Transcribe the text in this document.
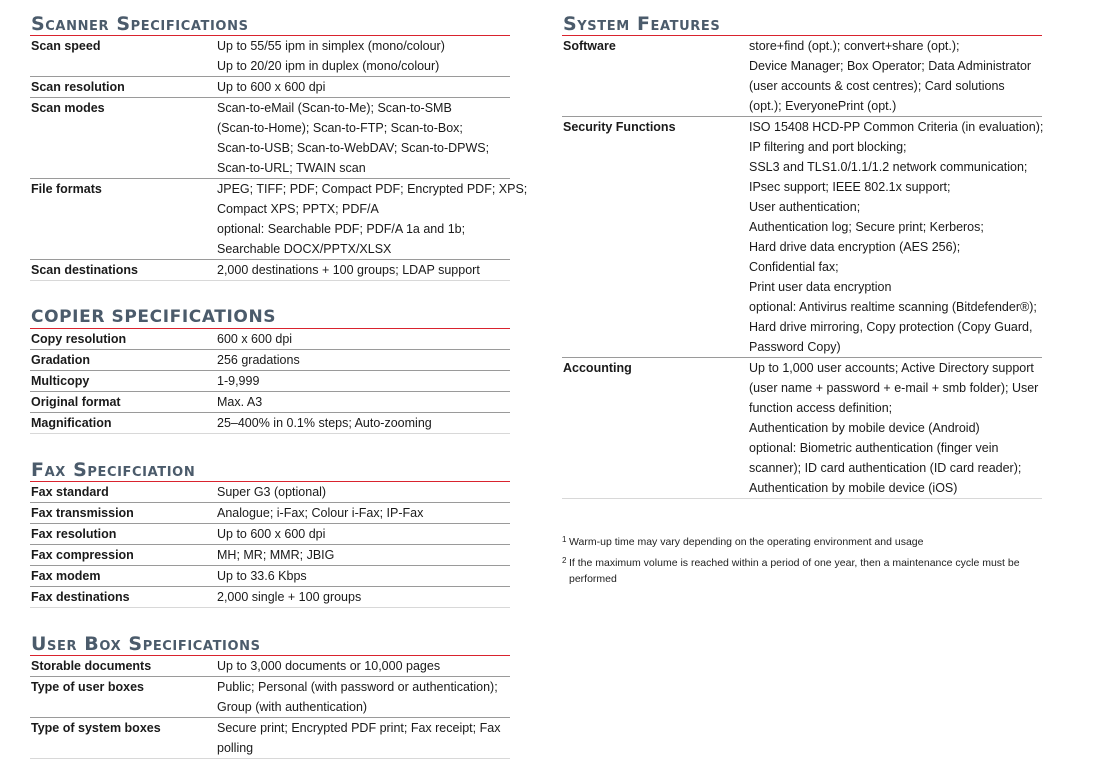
Scanner Specifications
Scan speed	Up to 55/55 ipm in simplex (mono/colour)
Up to 20/20 ipm in duplex (mono/colour)
Scan resolution	Up to 600 x 600 dpi
Scan modes	Scan-to-eMail (Scan-to-Me); Scan-to-SMB
(Scan-to-Home); Scan-to-FTP; Scan-to-Box;
Scan-to-USB; Scan-to-WebDAV; Scan-to-DPWS;
Scan-to-URL; TWAIN scan
File formats	JPEG; TIFF; PDF; Compact PDF; Encrypted PDF; XPS;
Compact XPS; PPTX; PDF/A
optional: Searchable PDF; PDF/A 1a and 1b;
Searchable DOCX/PPTX/XLSX
Scan destinations	2,000 destinations + 100 groups; LDAP support
COPIER SPECIFICATIONS
Copy resolution	600 x 600 dpi
Gradation	256 gradations
Multicopy	1-9,999
Original format	Max. A3
Magnification	25–400% in 0.1% steps; Auto-zooming
Fax Specifciation
Fax standard	Super G3 (optional)
Fax transmission	Analogue; i-Fax; Colour i-Fax; IP-Fax
Fax resolution	Up to 600 x 600 dpi
Fax compression	MH; MR; MMR; JBIG
Fax modem	Up to 33.6 Kbps
Fax destinations	2,000 single + 100 groups
User Box Specifications
Storable documents	Up to 3,000 documents or 10,000 pages
Type of user boxes	Public; Personal (with password or authentication);
Group (with authentication)
Type of system boxes	Secure print; Encrypted PDF print; Fax receipt; Fax
polling
System Features
Software	store+find (opt.); convert+share (opt.);
Device Manager; Box Operator; Data Administrator
(user accounts & cost centres); Card solutions
(opt.); EveryonePrint (opt.)
Security Functions	ISO 15408 HCD-PP Common Criteria (in evaluation);
IP filtering and port blocking;
SSL3 and TLS1.0/1.1/1.2 network communication;
IPsec support; IEEE 802.1x support;
User authentication;
Authentication log; Secure print; Kerberos;
Hard drive data encryption (AES 256);
Confidential fax;
Print user data encryption
optional: Antivirus realtime scanning (Bitdefender®);
Hard drive mirroring, Copy protection (Copy Guard,
Password Copy)
Accounting	Up to 1,000 user accounts; Active Directory support
(user name + password + e-mail + smb folder); User
function access definition;
Authentication by mobile device (Android)
optional: Biometric authentication (finger vein
scanner); ID card authentication (ID card reader);
Authentication by mobile device (iOS)
1 Warm-up time may vary depending on the operating environment and usage
2 If the maximum volume is reached within a period of one year, then a maintenance cycle must be performed
